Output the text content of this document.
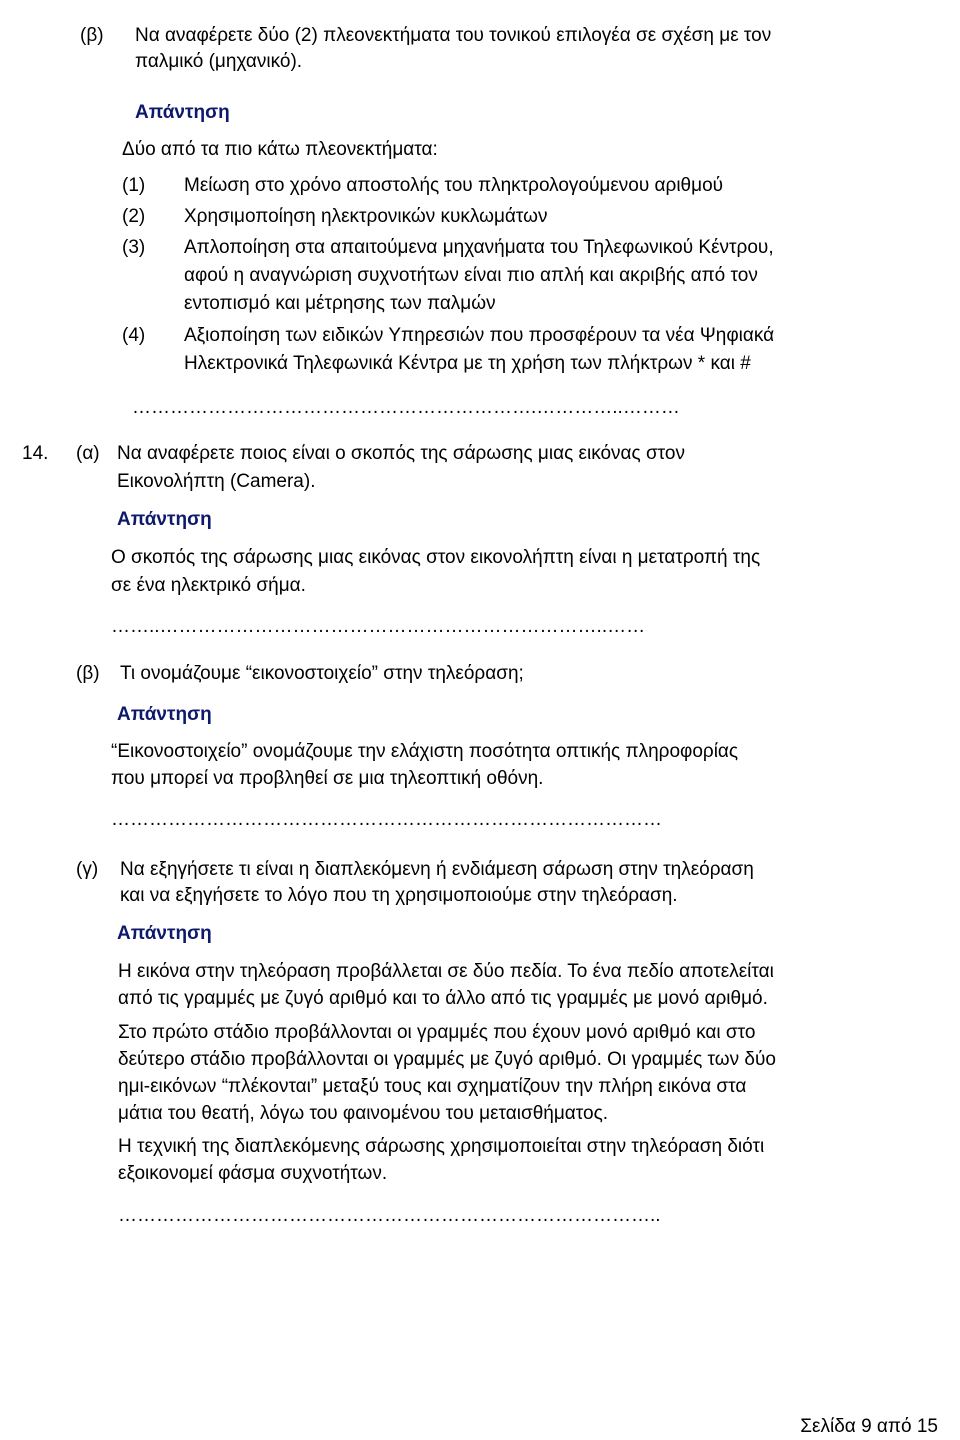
(β) Να αναφέρετε δύο (2) πλεονεκτήματα του τονικού επιλογέα σε σχέση με τον
παλμικό (μηχανικό).
Απάντηση
Δύο από τα πιο κάτω πλεονεκτήματα:
(1) Μείωση στο χρόνο αποστολής του πληκτρολογούμενου αριθμού
(2) Χρησιμοποίηση ηλεκτρονικών κυκλωμάτων
(3) Απλοποίηση στα απαιτούμενα μηχανήματα του Τηλεφωνικού Κέντρου,
αφού η αναγνώριση συχνοτήτων είναι πιο απλή και ακριβής από τον
εντοπισμό και μέτρησης των παλμών
(4) Αξιοποίηση των ειδικών Υπηρεσιών που προσφέρουν τα νέα Ψηφιακά
Ηλεκτρονικά Τηλεφωνικά Κέντρα με τη χρήση των πλήκτρων * και #
……………………………………………………….…………..………
14. (α) Να αναφέρετε ποιος είναι ο σκοπός της σάρωσης μιας εικόνας στον
Εικονολήπτη (Camera).
Απάντηση
Ο σκοπός της σάρωσης μιας εικόνας στον εικονολήπτη είναι η μετατροπή της
σε ένα ηλεκτρικό σήμα.
……..……………………………………………………………..……
(β) Τι ονομάζουμε “εικονοστοιχείο” στην τηλεόραση;
Απάντηση
“Εικονοστοιχείο” ονομάζουμε την ελάχιστη ποσότητα οπτικής πληροφορίας
που μπορεί να προβληθεί σε μια τηλεοπτική οθόνη.
……………………………………………………………………………
(γ) Να εξηγήσετε τι είναι η διαπλεκόμενη ή ενδιάμεση σάρωση στην τηλεόραση
και να εξηγήσετε το λόγο που τη χρησιμοποιούμε στην τηλεόραση.
Απάντηση
Η εικόνα στην τηλεόραση προβάλλεται σε δύο πεδία. Το ένα πεδίο αποτελείται
από τις γραμμές με ζυγό αριθμό και το άλλο από τις γραμμές με μονό αριθμό.
Στο πρώτο στάδιο προβάλλονται οι γραμμές που έχουν μονό αριθμό και στο
δεύτερο στάδιο προβάλλονται οι γραμμές με ζυγό αριθμό. Οι γραμμές των δύο
ημι-εικόνων “πλέκονται” μεταξύ τους και σχηματίζουν την πλήρη εικόνα στα
μάτια του θεατή, λόγω του φαινομένου του μεταισθήματος.
Η τεχνική της διαπλεκόμενης σάρωσης χρησιμοποιείται στην τηλεόραση διότι
εξοικονομεί φάσμα συχνοτήτων.
…………………………………………………………………………..
Σελίδα 9 από 15
